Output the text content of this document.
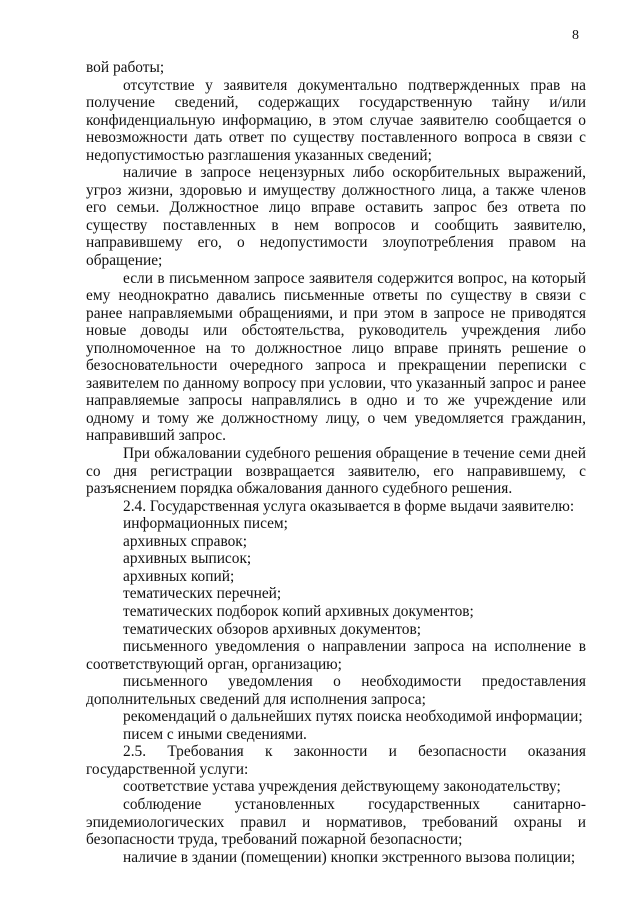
8

вой работы;

отсутствие у заявителя документально подтвержденных прав на получение сведений, содержащих государственную тайну и/или конфиденциальную информацию, в этом случае заявителю сообщается о невозможности дать ответ по существу поставленного вопроса в связи с недопустимостью разглашения указанных сведений;

наличие в запросе нецензурных либо оскорбительных выражений, угроз жизни, здоровью и имуществу должностного лица, а также членов его семьи. Должностное лицо вправе оставить запрос без ответа по существу поставленных в нем вопросов и сообщить заявителю, направившему его, о недопустимости злоупотребления правом на обращение;

если в письменном запросе заявителя содержится вопрос, на который ему неоднократно давались письменные ответы по существу в связи с ранее направляемыми обращениями, и при этом в запросе не приводятся новые доводы или обстоятельства, руководитель учреждения либо уполномоченное на то должностное лицо вправе принять решение о безосновательности очередного запроса и прекращении переписки с заявителем по данному вопросу при условии, что указанный запрос и ранее направляемые запросы направлялись в одно и то же учреждение или одному и тому же должностному лицу, о чем уведомляется гражданин, направивший запрос.

При обжаловании судебного решения обращение в течение семи дней со дня регистрации возвращается заявителю, его направившему, с разъяснением порядка обжалования данного судебного решения.

2.4. Государственная услуга оказывается в форме выдачи заявителю:

информационных писем;

архивных справок;

архивных выписок;

архивных копий;

тематических перечней;

тематических подборок копий архивных документов;

тематических обзоров архивных документов;

письменного уведомления о направлении запроса на исполнение в соответствующий орган, организацию;

письменного уведомления о необходимости предоставления дополнительных сведений для исполнения запроса;

рекомендаций о дальнейших путях поиска необходимой информации;

писем с иными сведениями.

2.5. Требования к законности и безопасности оказания государственной услуги:

соответствие устава учреждения действующему законодательству;

соблюдение установленных государственных санитарно-эпидемиологических правил и нормативов, требований охраны и безопасности труда, требований пожарной безопасности;

наличие в здании (помещении) кнопки экстренного вызова полиции;
